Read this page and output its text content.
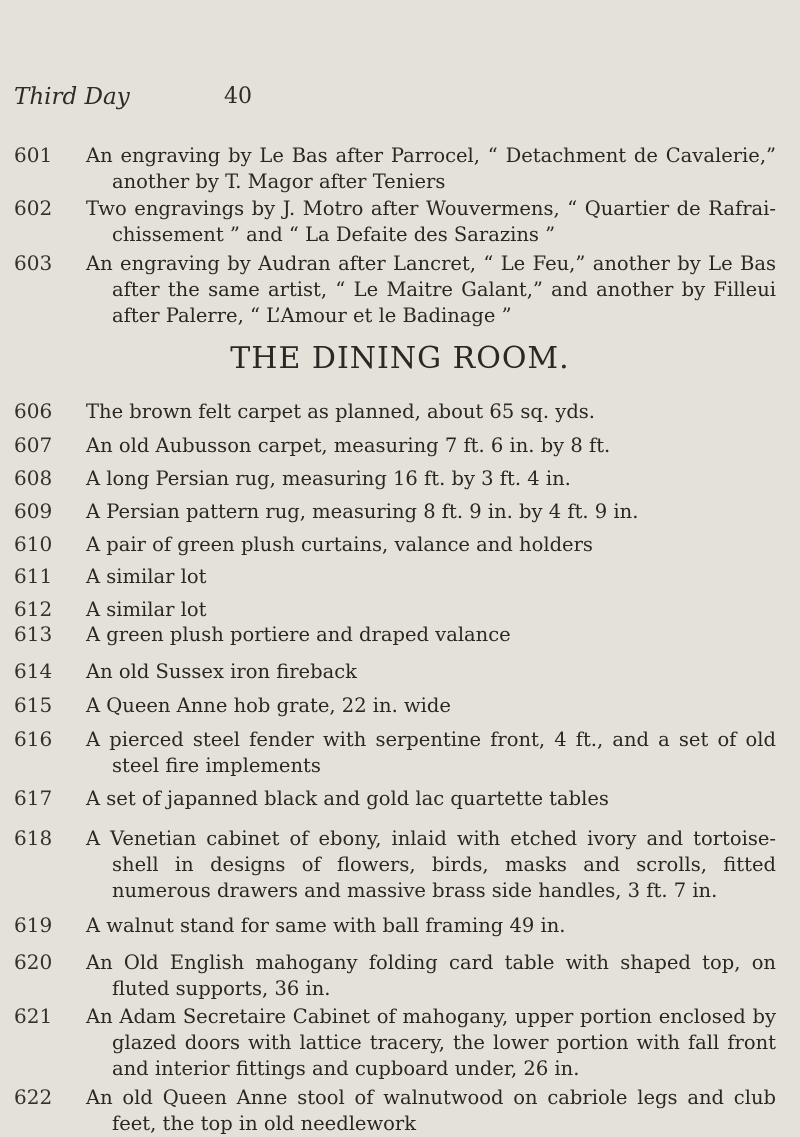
Third Day	40
601 An engraving by Le Bas after Parrocel, “ Detachment de Cavalerie,” another by T. Magor after Teniers
602 Two engravings by J. Motro after Wouvermens, “ Quartier de Rafrai-chissement ” and “ La Defaite des Sarazins ”
603 An engraving by Audran after Lancret, “ Le Feu,” another by Le Bas after the same artist, “ Le Maitre Galant,” and another by Filleui after Palerre, “ L’Amour et le Badinage ”
THE DINING ROOM.
606 The brown felt carpet as planned, about 65 sq. yds.
607 An old Aubusson carpet, measuring 7 ft. 6 in. by 8 ft.
608 A long Persian rug, measuring 16 ft. by 3 ft. 4 in.
609 A Persian pattern rug, measuring 8 ft. 9 in. by 4 ft. 9 in.
610 A pair of green plush curtains, valance and holders
611 A similar lot
612 A similar lot
613 A green plush portiere and draped valance
614 An old Sussex iron fireback
615 A Queen Anne hob grate, 22 in. wide
616 A pierced steel fender with serpentine front, 4 ft., and a set of old steel fire implements
617 A set of japanned black and gold lac quartette tables
618 A Venetian cabinet of ebony, inlaid with etched ivory and tortoise-shell in designs of flowers, birds, masks and scrolls, fitted numerous drawers and massive brass side handles, 3 ft. 7 in.
619 A walnut stand for same with ball framing 49 in.
620 An Old English mahogany folding card table with shaped top, on fluted supports, 36 in.
621 An Adam Secretaire Cabinet of mahogany, upper portion enclosed by glazed doors with lattice tracery, the lower portion with fall front and interior fittings and cupboard under, 26 in.
622 An old Queen Anne stool of walnutwood on cabriole legs and club feet, the top in old needlework
